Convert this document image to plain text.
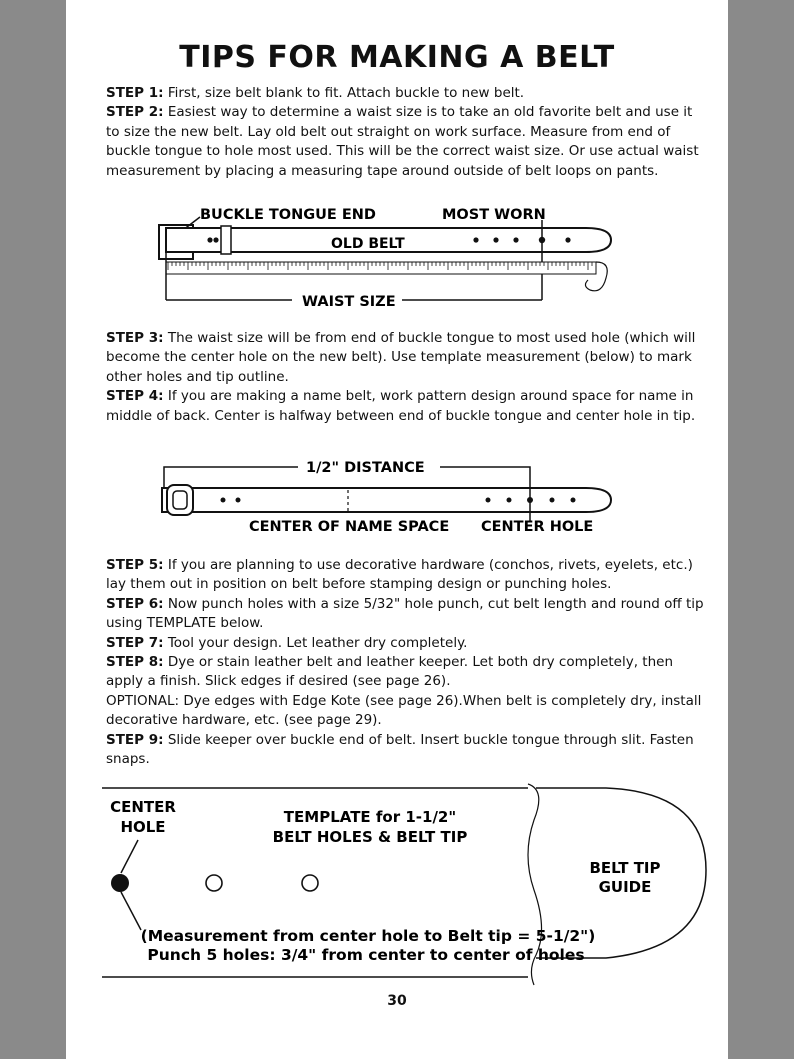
TIPS FOR MAKING A BELT
STEP 1: First, size belt blank to fit. Attach buckle to new belt.
STEP 2: Easiest way to determine a waist size is to take an old favorite belt and use it to size the new belt. Lay old belt out straight on work surface. Measure from end of buckle tongue to hole most used. This will be the correct waist size. Or use actual waist measurement by placing a measuring tape around outside of belt loops on pants.
BUCKLE TONGUE END	MOST WORN
OLD BELT
WAIST SIZE
STEP 3: The waist size will be from end of buckle tongue to most used hole (which will become the center hole on the new belt). Use template measurement (below) to mark other holes and tip outline.
STEP 4: If you are making a name belt, work pattern design around space for name in middle of back. Center is halfway between end of buckle tongue and center hole in tip.
1/2" DISTANCE
CENTER OF NAME SPACE CENTER HOLE
STEP 5: If you are planning to use decorative hardware (conchos, rivets, eyelets, etc.) lay them out in position on belt before stamping design or punching holes.
STEP 6: Now punch holes with a size 5/32" hole punch, cut belt length and round off tip using TEMPLATE below.
STEP 7: Tool your design. Let leather dry completely.
STEP 8: Dye or stain leather belt and leather keeper. Let both dry completely, then apply a finish. Slick edges if desired (see page 26).
OPTIONAL: Dye edges with Edge Kote (see page 26).When belt is completely dry, install decorative hardware, etc. (see page 29).
STEP 9: Slide keeper over buckle end of belt. Insert buckle tongue through slit. Fasten snaps.
CENTER
HOLE
TEMPLATE for 1-1/2"
BELT HOLES & BELT TIP
BELT TIP
GUIDE
(Measurement from center hole to Belt tip = 5-1/2")
Punch 5 holes: 3/4" from center to center of holes
30
